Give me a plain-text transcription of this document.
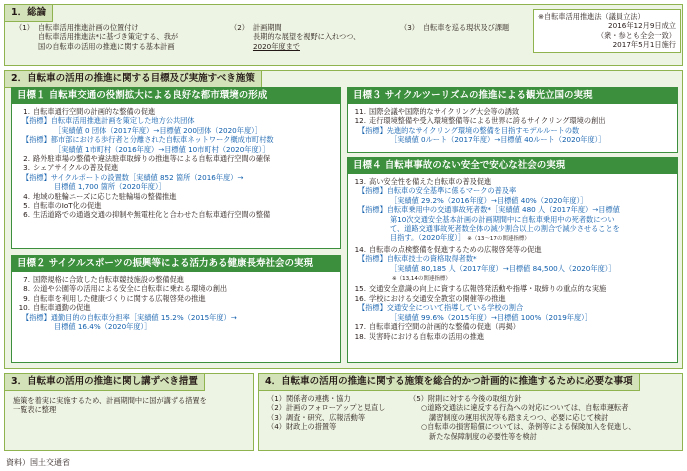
1．総論
（1） 自転車活用推進計画の位置付け
自転車活用推進法*に基づき策定する、我が
国の自転車の活用の推進に関する基本計画
（2） 計画期間
長期的な展望を視野に入れつつ、
2020年度まで
（3） 自転車を巡る現状及び課題
※自転車活用推進法（議員立法）
2016年12月9日成立
（衆・参とも全会一致）
2017年5月1日施行
2．自転車の活用の推進に関する目標及び実施すべき施策
目標１ 自転車交通の役割拡大による良好な都市環境の形成
1. 自転車通行空間の計画的な整備の促進
【指標】自転車活用推進計画を策定した地方公共団体
［実績値 0 団体（2017年度）→目標値 200団体（2020年度）］
【指標】都市部における歩行者と分離された自転車ネットワーク概成市町村数
［実績値 1市町村（2016年度）→目標値 10市町村（2020年度）］
2. 路外駐車場の整備や違法駐車取締りの推進等による自転車通行空間の確保
3. シェアサイクルの普及促進
【指標】サイクルポートの設置数［実績値 852 箇所（2016年度）→
目標値 1,700 箇所（2020年度）］
4. 地域の駐輪ニーズに応じた駐輪場の整備推進
5. 自転車のIoT化の促進
6. 生活道路での通過交通の抑制や無電柱化と合わせた自転車通行空間の整備
目標２ サイクルスポーツの振興等による活力ある健康長寿社会の実現
7. 国際規格に合致した自転車競技施設の整備促進
8. 公道や公園等の活用による安全に自転車に乗れる環境の創出
9. 自転車を利用した健康づくりに関する広報啓発の推進
10. 自転車通勤の促進
【指標】通勤目的の自転車分担率［実績値 15.2%（2015年度）→
目標値 16.4%（2020年度）］
目標３ サイクルツーリズムの推進による観光立国の実現
11. 国際会議や国際的なサイクリング大会等の誘致
12. 走行環境整備や受入環境整備等による世界に誇るサイクリング環境の創出
【指標】先進的なサイクリング環境の整備を目指すモデルルートの数
［実績値 0ルート（2017年度）→目標値 40ルート（2020年度）］
目標４ 自転車事故のない安全で安心な社会の実現
13. 高い安全性を備えた自転車の普及促進
【指標】自転車の安全基準に係るマークの普及率
［実績値 29.2%（2016年度）→目標値 40%（2020年度）］
【指標】自転車乗用中の交通事故死者数*［実績値 480 人（2017年度）→目標値
第10次交通安全基本計画の計画期間中に自転車乗用中の死者数につい
て、道路交通事故死者数全体の減少割合以上の割合で減少させることを
目指す。（2020年度）］ ※（13～17の関連指標）
14. 自転車の点検整備を促進するための広報啓発等の促進
【指標】自転車技士の資格取得者数*
［実績値 80,185 人（2017年度）→目標値 84,500人（2020年度）］
※（13,14の関連指標）
15. 交通安全意識の向上に資する広報啓発活動や指導・取締りの重点的な実施
16. 学校における交通安全教室の開催等の推進
【指標】交通安全について指導している学校の割合
［実績値 99.6%（2015年度）→目標値 100%（2019年度）］
17. 自転車通行空間の計画的な整備の促進（再掲）
18. 災害時における自転車の活用の推進
3．自転車の活用の推進に関し講ずべき措置
施策を着実に実施するため、計画期間中に国が講ずる措置を
一覧表に整理
4．自転車の活用の推進に関する施策を総合的かつ計画的に推進するために必要な事項
（1）関係者の連携・協力
（2）計画のフォローアップと見直し
（3）調査・研究、広報活動等
（4）財政上の措置等
（5）附則に対する今後の取組方針
○道路交通法に違反する行為への対応については、自転車運転者
講習制度の運用状況等も踏まえつつ、必要に応じて検討
○自転車の損害賠償については、条例等による保険加入を促進し、
新たな保障制度の必要性等を検討
資料）国土交通省
